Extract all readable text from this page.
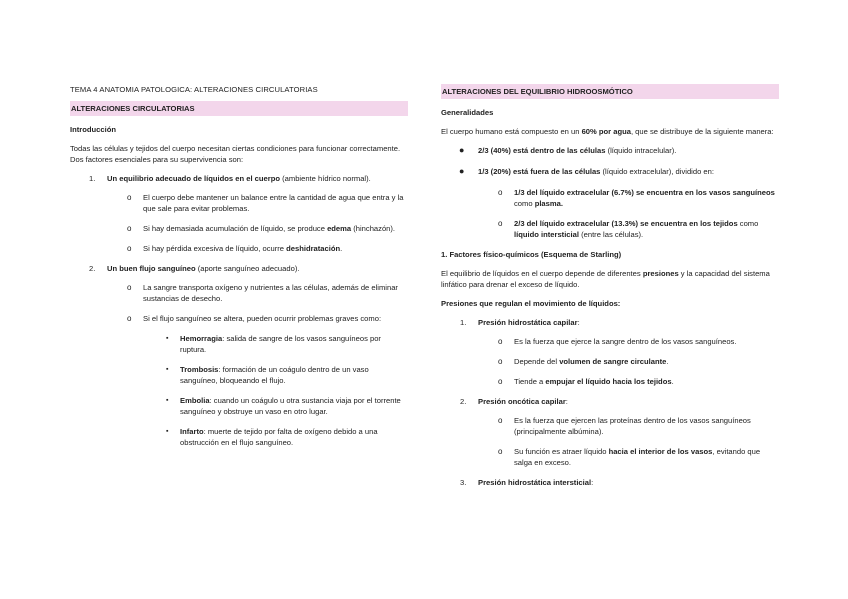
TEMA 4 ANATOMIA PATOLOGICA: ALTERACIONES CIRCULATORIAS
ALTERACIONES CIRCULATORIAS
Introducción
Todas las células y tejidos del cuerpo necesitan ciertas condiciones para funcionar correctamente. Dos factores esenciales para su supervivencia son:
1. Un equilibrio adecuado de líquidos en el cuerpo (ambiente hídrico normal).
o El cuerpo debe mantener un balance entre la cantidad de agua que entra y la que sale para evitar problemas.
o Si hay demasiada acumulación de líquido, se produce edema (hinchazón).
o Si hay pérdida excesiva de líquido, ocurre deshidratación.
2. Un buen flujo sanguíneo (aporte sanguíneo adecuado).
o La sangre transporta oxígeno y nutrientes a las células, además de eliminar sustancias de desecho.
o Si el flujo sanguíneo se altera, pueden ocurrir problemas graves como:
▪ Hemorragia: salida de sangre de los vasos sanguíneos por ruptura.
▪ Trombosis: formación de un coágulo dentro de un vaso sanguíneo, bloqueando el flujo.
▪ Embolia: cuando un coágulo u otra sustancia viaja por el torrente sanguíneo y obstruye un vaso en otro lugar.
▪ Infarto: muerte de tejido por falta de oxígeno debido a una obstrucción en el flujo sanguíneo.
ALTERACIONES DEL EQUILIBRIO HIDROOSMÓTICO
Generalidades
El cuerpo humano está compuesto en un 60% por agua, que se distribuye de la siguiente manera:
● 2/3 (40%) está dentro de las células (líquido intracelular).
● 1/3 (20%) está fuera de las células (líquido extracelular), dividido en:
o 1/3 del líquido extracelular (6.7%) se encuentra en los vasos sanguíneos como plasma.
o 2/3 del líquido extracelular (13.3%) se encuentra en los tejidos como líquido intersticial (entre las células).
1. Factores físico-químicos (Esquema de Starling)
El equilibrio de líquidos en el cuerpo depende de diferentes presiones y la capacidad del sistema linfático para drenar el exceso de líquido.
Presiones que regulan el movimiento de líquidos:
1. Presión hidrostática capilar:
o Es la fuerza que ejerce la sangre dentro de los vasos sanguíneos.
o Depende del volumen de sangre circulante.
o Tiende a empujar el líquido hacia los tejidos.
2. Presión oncótica capilar:
o Es la fuerza que ejercen las proteínas dentro de los vasos sanguíneos (principalmente albúmina).
o Su función es atraer líquido hacia el interior de los vasos, evitando que salga en exceso.
3. Presión hidrostática intersticial:
